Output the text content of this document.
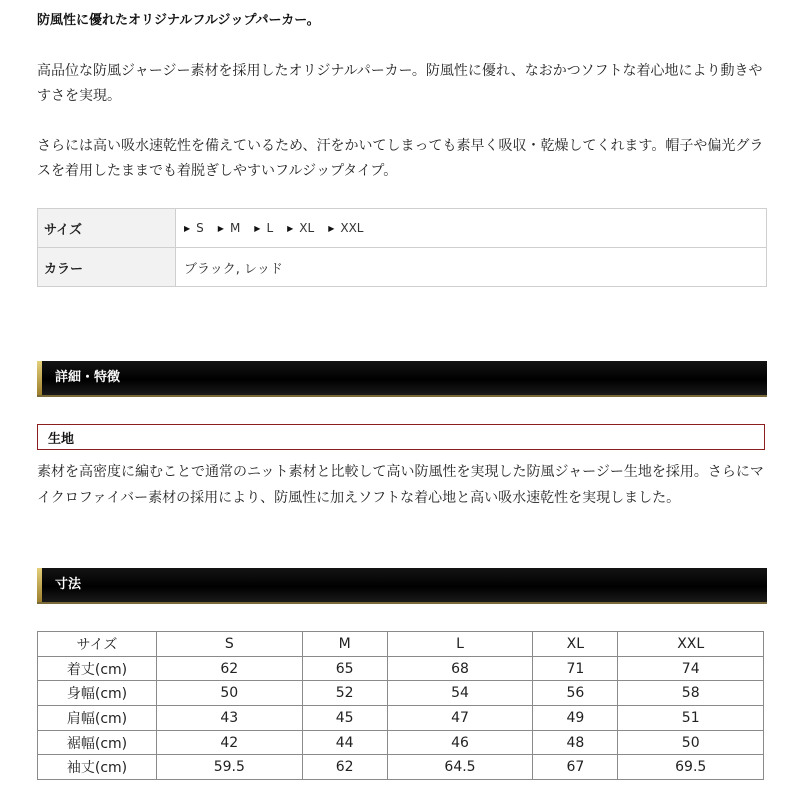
防風性に優れたオリジナルフルジップパーカー。
高品位な防風ジャージー素材を採用したオリジナルパーカー。防風性に優れ、なおかつソフトな着心地により動きやすさを実現。
さらには高い吸水速乾性を備えているため、汗をかいてしまっても素早く吸収・乾燥してくれます。帽子や偏光グラスを着用したままでも着脱ぎしやすいフルジップタイプ。
サイズ	▶ S ▶ M ▶ L ▶ XL ▶ XXL
カラー	ブラック, レッド
詳細・特徴
生地
素材を高密度に編むことで通常のニット素材と比較して高い防風性を実現した防風ジャージー生地を採用。さらにマイクロファイバー素材の採用により、防風性に加えソフトな着心地と高い吸水速乾性を実現しました。
寸法
サイズ	S	M	L	XL	XXL
着丈(cm)	62	65	68	71	74
身幅(cm)	50	52	54	56	58
肩幅(cm)	43	45	47	49	51
裾幅(cm)	42	44	46	48	50
袖丈(cm)	59.5	62	64.5	67	69.5
